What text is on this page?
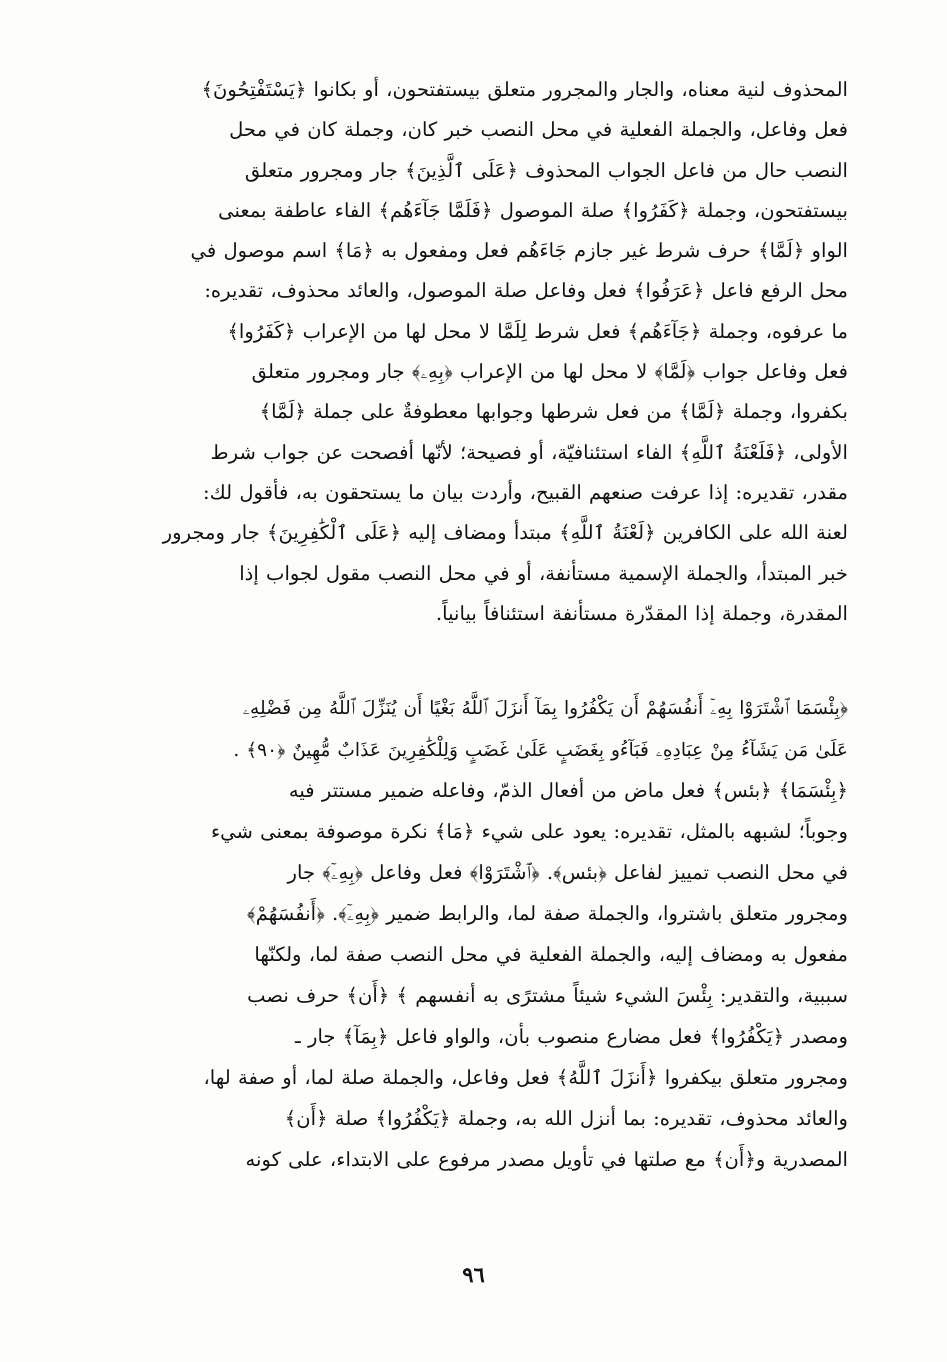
المحذوف لنية معناه، والجار والمجرور متعلق بيستفتحون، أو بكانوا ﴿يَسْتَفْتِحُونَ﴾
فعل وفاعل، والجملة الفعلية في محل النصب خبر كان، وجملة كان في محل
النصب حال من فاعل الجواب المحذوف ﴿عَلَى ٱلَّذِينَ﴾ جار ومجرور متعلق
بيستفتحون، وجملة ﴿كَفَرُوا﴾ صلة الموصول ﴿فَلَمَّا جَآءَهُم﴾ الفاء عاطفة بمعنى
الواو ﴿لَمَّا﴾ حرف شرط غير جازم جَاءَهُم فعل ومفعول به ﴿مَا﴾ اسم موصول في
محل الرفع فاعل ﴿عَرَفُوا﴾ فعل وفاعل صلة الموصول، والعائد محذوف، تقديره:
ما عرفوه، وجملة ﴿جَآءَهُم﴾ فعل شرط لِلَمَّا لا محل لها من الإعراب ﴿كَفَرُوا﴾
فعل وفاعل جواب ﴿لَمَّا﴾ لا محل لها من الإعراب ﴿بِهِۦ﴾ جار ومجرور متعلق
بكفروا، وجملة ﴿لَمَّا﴾ من فعل شرطها وجوابها معطوفةٌ على جملة ﴿لَمَّا﴾
الأولى، ﴿فَلَعْنَةُ ٱللَّهِ﴾ الفاء استئنافيّة، أو فصيحة؛ لأنّها أفصحت عن جواب شرط
مقدر، تقديره: إذا عرفت صنعهم القبيح، وأردت بيان ما يستحقون به، فأقول لك:
لعنة الله على الكافرين ﴿لَعْنَةُ ٱللَّهِ﴾ مبتدأ ومضاف إليه ﴿عَلَى ٱلْكَٰفِرِينَ﴾ جار ومجرور
خبر المبتدأ، والجملة الإسمية مستأنفة، أو في محل النصب مقول لجواب إذا
المقدرة، وجملة إذا المقدّرة مستأنفة استئنافاً بيانياً.
﴿بِئْسَمَا ٱشْتَرَوْا بِهِۦٓ أَنفُسَهُمْ أَن يَكْفُرُوا بِمَآ أَنزَلَ ٱللَّهُ بَغْيًا أَن يُنَزِّلَ ٱللَّهُ مِن فَضْلِهِۦ
عَلَىٰ مَن يَشَآءُ مِنْ عِبَادِهِۦ فَبَآءُو بِغَضَبٍ عَلَىٰ غَضَبٍ وَلِلْكَٰفِرِينَ عَذَابٌ مُّهِينٌ ﴿٩٠﴾ .
﴿بِئْسَمَا﴾ ﴿بئس﴾ فعل ماض من أفعال الذمّ، وفاعله ضمير مستتر فيه
وجوباً؛ لشبهه بالمثل، تقديره: يعود على شيء ﴿مَا﴾ نكرة موصوفة بمعنى شيء
في محل النصب تمييز لفاعل ﴿بئس﴾. ﴿ٱشْتَرَوْا﴾ فعل وفاعل ﴿بِهِۦٓ﴾ جار
ومجرور متعلق باشتروا، والجملة صفة لما، والرابط ضمير ﴿بِهِۦٓ﴾. ﴿أَنفُسَهُمْ﴾
مفعول به ومضاف إليه، والجملة الفعلية في محل النصب صفة لما، ولكنّها
سببية، والتقدير: بِئْسَ الشيء شيئاً مشترًى به أنفسهم ﴾ ﴿أَن﴾ حرف نصب
ومصدر ﴿يَكْفُرُوا﴾ فعل مضارع منصوب بأن، والواو فاعل ﴿بِمَآ﴾ جار ـ
ومجرور متعلق بيكفروا ﴿أَنزَلَ ٱللَّهُ﴾ فعل وفاعل، والجملة صلة لما، أو صفة لها،
والعائد محذوف، تقديره: بما أنزل الله به، وجملة ﴿يَكْفُرُوا﴾ صلة ﴿أَن﴾
المصدرية و﴿أَن﴾ مع صلتها في تأويل مصدر مرفوع على الابتداء، على كونه
٩٦
